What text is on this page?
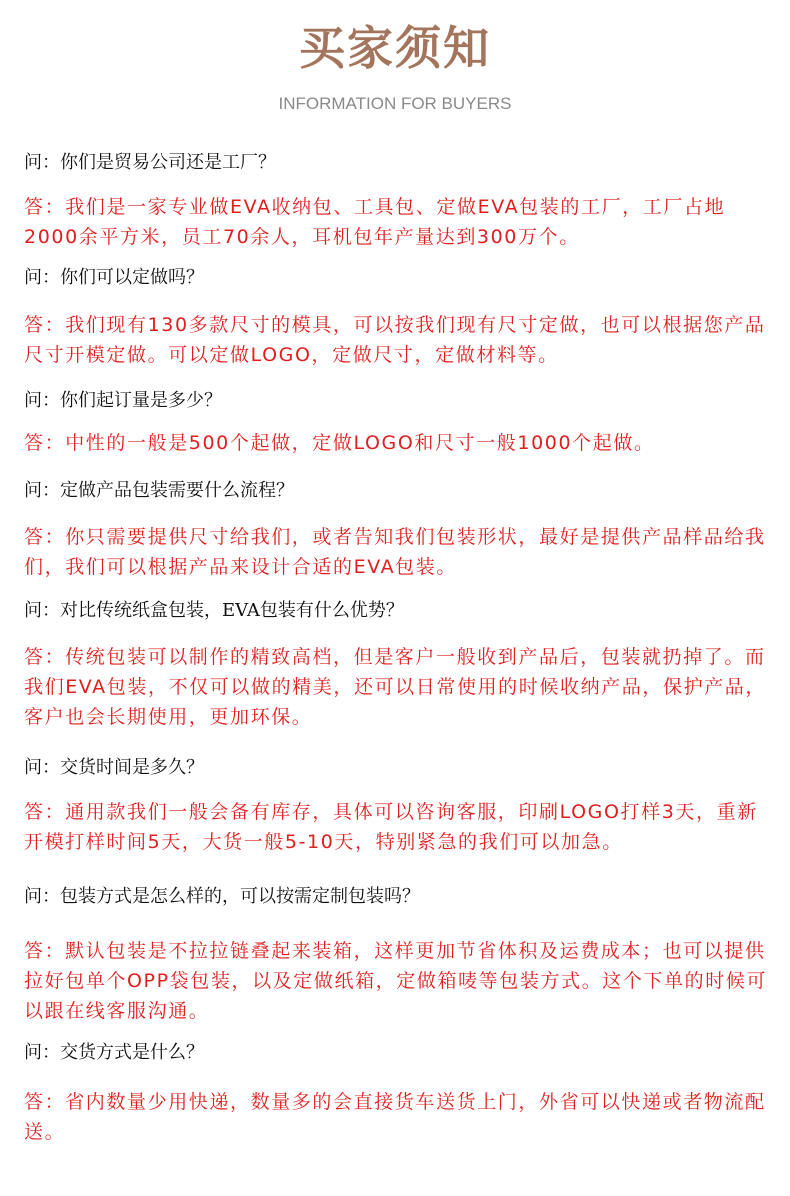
买家须知
INFORMATION FOR BUYERS
问：你们是贸易公司还是工厂？
答：我们是一家专业做EVA收纳包、工具包、定做EVA包装的工厂，工厂占地2000余平方米，员工70余人，耳机包年产量达到300万个。
问：你们可以定做吗？
答：我们现有130多款尺寸的模具，可以按我们现有尺寸定做，也可以根据您产品尺寸开模定做。可以定做LOGO，定做尺寸，定做材料等。
问：你们起订量是多少？
答：中性的一般是500个起做，定做LOGO和尺寸一般1000个起做。
问：定做产品包装需要什么流程？
答：你只需要提供尺寸给我们，或者告知我们包装形状，最好是提供产品样品给我们，我们可以根据产品来设计合适的EVA包装。
问：对比传统纸盒包装，EVA包装有什么优势？
答：传统包装可以制作的精致高档，但是客户一般收到产品后，包装就扔掉了。而我们EVA包装，不仅可以做的精美，还可以日常使用的时候收纳产品，保护产品，客户也会长期使用，更加环保。
问：交货时间是多久？
答：通用款我们一般会备有库存，具体可以咨询客服，印刷LOGO打样3天，重新开模打样时间5天，大货一般5-10天，特别紧急的我们可以加急。
问：包装方式是怎么样的，可以按需定制包装吗？
答：默认包装是不拉拉链叠起来装箱，这样更加节省体积及运费成本；也可以提供拉好包单个OPP袋包装，以及定做纸箱，定做箱唛等包装方式。这个下单的时候可以跟在线客服沟通。
问：交货方式是什么？
答：省内数量少用快递，数量多的会直接货车送货上门，外省可以快递或者物流配送。
